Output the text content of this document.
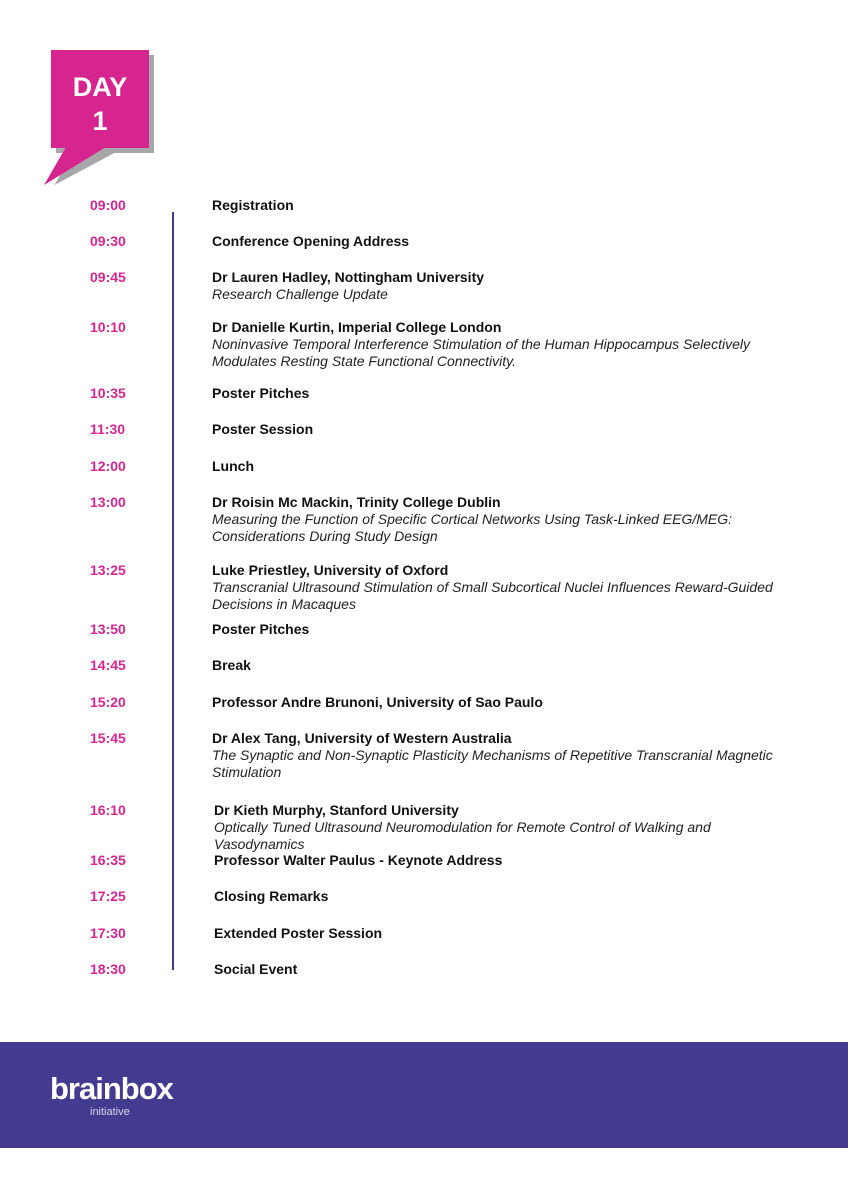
DAY
1
09:00	Registration
09:30	Conference Opening Address
09:45	Dr Lauren Hadley, Nottingham University
Research Challenge Update
10:10	Dr Danielle Kurtin, Imperial College London
Noninvasive Temporal Interference Stimulation of the Human Hippocampus Selectively Modulates Resting State Functional Connectivity.
10:35	Poster Pitches
11:30	Poster Session
12:00	Lunch
13:00	Dr Roisin Mc Mackin, Trinity College Dublin
Measuring the Function of Specific Cortical Networks Using Task-Linked EEG/MEG: Considerations During Study Design
13:25	Luke Priestley, University of Oxford
Transcranial Ultrasound Stimulation of Small Subcortical Nuclei Influences Reward-Guided Decisions in Macaques
13:50	Poster Pitches
14:45	Break
15:20	Professor Andre Brunoni, University of Sao Paulo
15:45	Dr Alex Tang, University of Western Australia
The Synaptic and Non-Synaptic Plasticity Mechanisms of Repetitive Transcranial Magnetic Stimulation
16:10	Dr Kieth Murphy, Stanford University
Optically Tuned Ultrasound Neuromodulation for Remote Control of Walking and Vasodynamics
16:35	Professor Walter Paulus - Keynote Address
17:25	Closing Remarks
17:30	Extended Poster Session
18:30	Social Event
brainbox
initiative
